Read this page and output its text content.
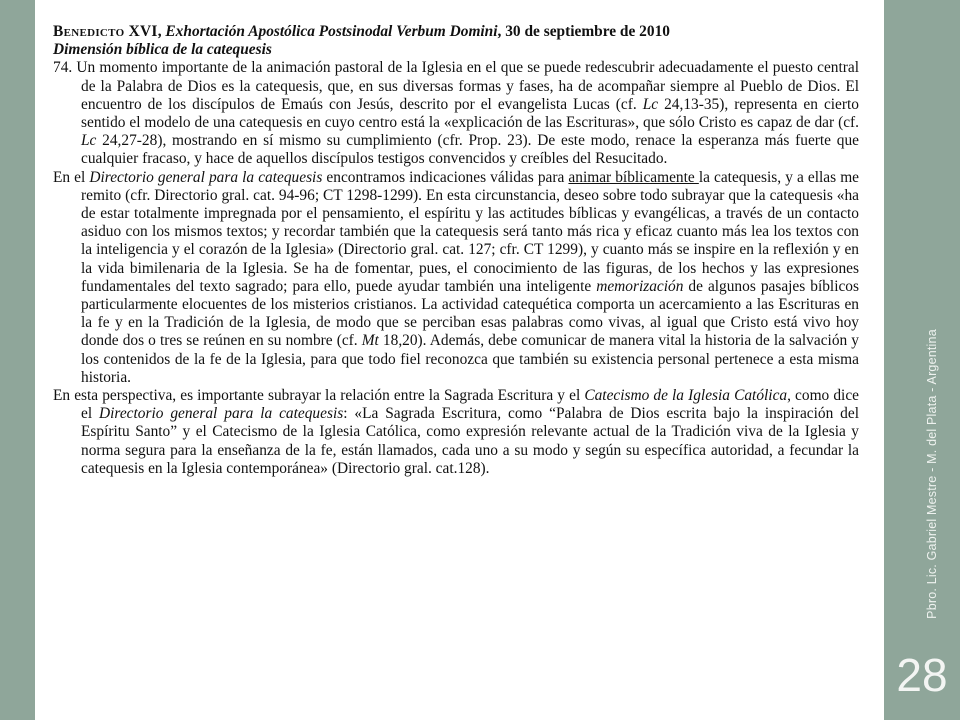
Pbro. Lic. Gabriel Mestre - M. del Plata - Argentina
28

Benedicto XVI, Exhortación Apostólica Postsinodal Verbum Domini, 30 de septiembre de 2010

Dimensión bíblica de la catequesis

74. Un momento importante de la animación pastoral de la Iglesia en el que se puede redescubrir adecuadamente el puesto central de la Palabra de Dios es la catequesis, que, en sus diversas formas y fases, ha de acompañar siempre al Pueblo de Dios. El encuentro de los discípulos de Emaús con Jesús, descrito por el evangelista Lucas (cf. Lc 24,13-35), representa en cierto sentido el modelo de una catequesis en cuyo centro está la «explicación de las Escrituras», que sólo Cristo es capaz de dar (cf. Lc 24,27-28), mostrando en sí mismo su cumplimiento (cfr. Prop. 23). De este modo, renace la esperanza más fuerte que cualquier fracaso, y hace de aquellos discípulos testigos convencidos y creíbles del Resucitado.

En el Directorio general para la catequesis encontramos indicaciones válidas para animar bíblicamente la catequesis, y a ellas me remito (cfr. Directorio gral. cat. 94-96; CT 1298-1299). En esta circunstancia, deseo sobre todo subrayar que la catequesis «ha de estar totalmente impregnada por el pensamiento, el espíritu y las actitudes bíblicas y evangélicas, a través de un contacto asiduo con los mismos textos; y recordar también que la catequesis será tanto más rica y eficaz cuanto más lea los textos con la inteligencia y el corazón de la Iglesia» (Directorio gral. cat. 127; cfr. CT 1299), y cuanto más se inspire en la reflexión y en la vida bimilenaria de la Iglesia. Se ha de fomentar, pues, el conocimiento de las figuras, de los hechos y las expresiones fundamentales del texto sagrado; para ello, puede ayudar también una inteligente memorización de algunos pasajes bíblicos particularmente elocuentes de los misterios cristianos. La actividad catequética comporta un acercamiento a las Escrituras en la fe y en la Tradición de la Iglesia, de modo que se perciban esas palabras como vivas, al igual que Cristo está vivo hoy donde dos o tres se reúnen en su nombre (cf. Mt 18,20). Además, debe comunicar de manera vital la historia de la salvación y los contenidos de la fe de la Iglesia, para que todo fiel reconozca que también su existencia personal pertenece a esta misma historia.

En esta perspectiva, es importante subrayar la relación entre la Sagrada Escritura y el Catecismo de la Iglesia Católica, como dice el Directorio general para la catequesis: «La Sagrada Escritura, como “Palabra de Dios escrita bajo la inspiración del Espíritu Santo” y el Catecismo de la Iglesia Católica, como expresión relevante actual de la Tradición viva de la Iglesia y norma segura para la enseñanza de la fe, están llamados, cada uno a su modo y según su específica autoridad, a fecundar la catequesis en la Iglesia contemporánea» (Directorio gral. cat.128).
